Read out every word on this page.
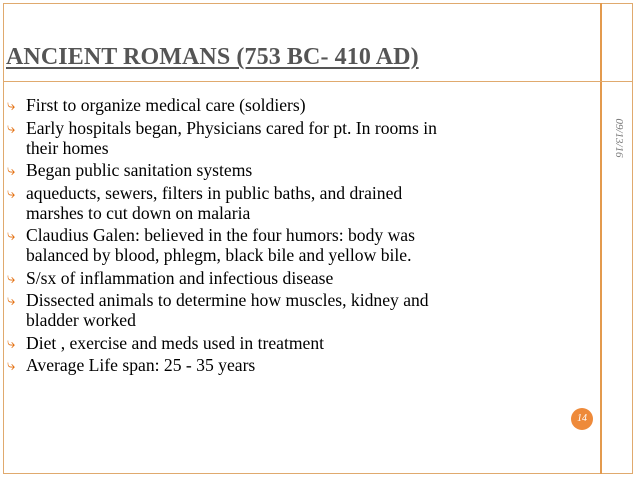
ANCIENT ROMANS (753 BC- 410 AD)
⤷ First to organize medical care (soldiers)
⤷ Early hospitals began, Physicians cared for pt. In rooms in
their homes
⤷ Began public sanitation systems
⤷ aqueducts, sewers, filters in public baths, and drained
marshes to cut down on malaria
⤷ Claudius Galen: believed in the four humors: body was
balanced by blood, phlegm, black bile and yellow bile.
⤷ S/sx of inflammation and infectious disease
⤷ Dissected animals to determine how muscles, kidney and
bladder worked
⤷ Diet , exercise and meds used in treatment
⤷ Average Life span: 25 - 35 years
09/13/16
14
